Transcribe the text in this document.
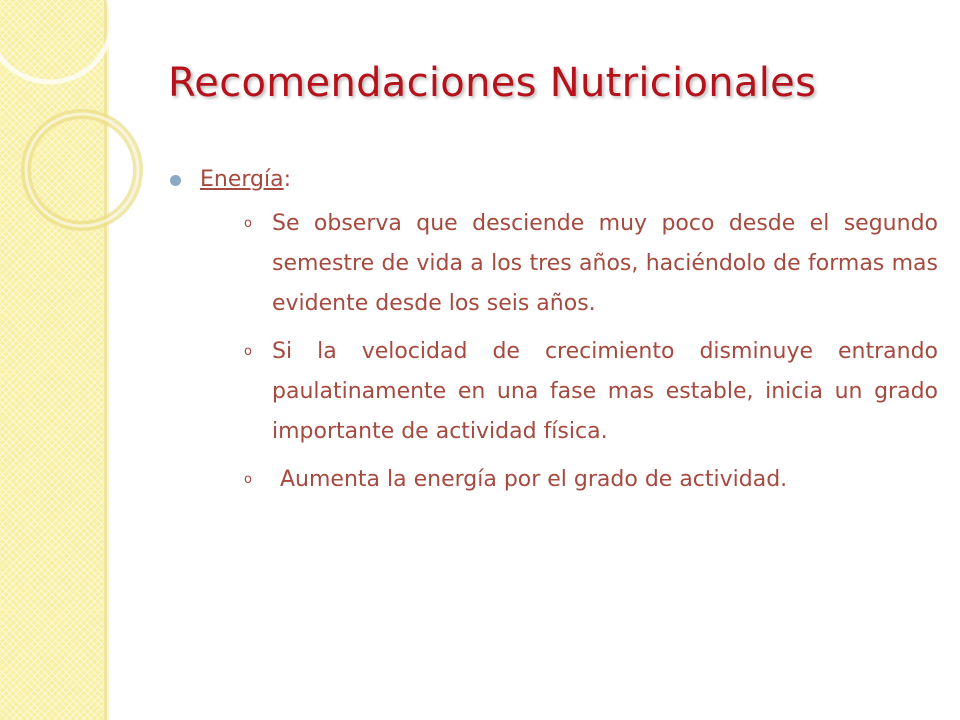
Recomendaciones Nutricionales
Energía:
o Se observa que desciende muy poco desde el segundo semestre de vida a los tres años, haciéndolo de formas mas evidente desde los seis años.
o Si la velocidad de crecimiento disminuye entrando paulatinamente en una fase mas estable, inicia un grado importante de actividad física.
o	Aumenta la energía por el grado de actividad.
